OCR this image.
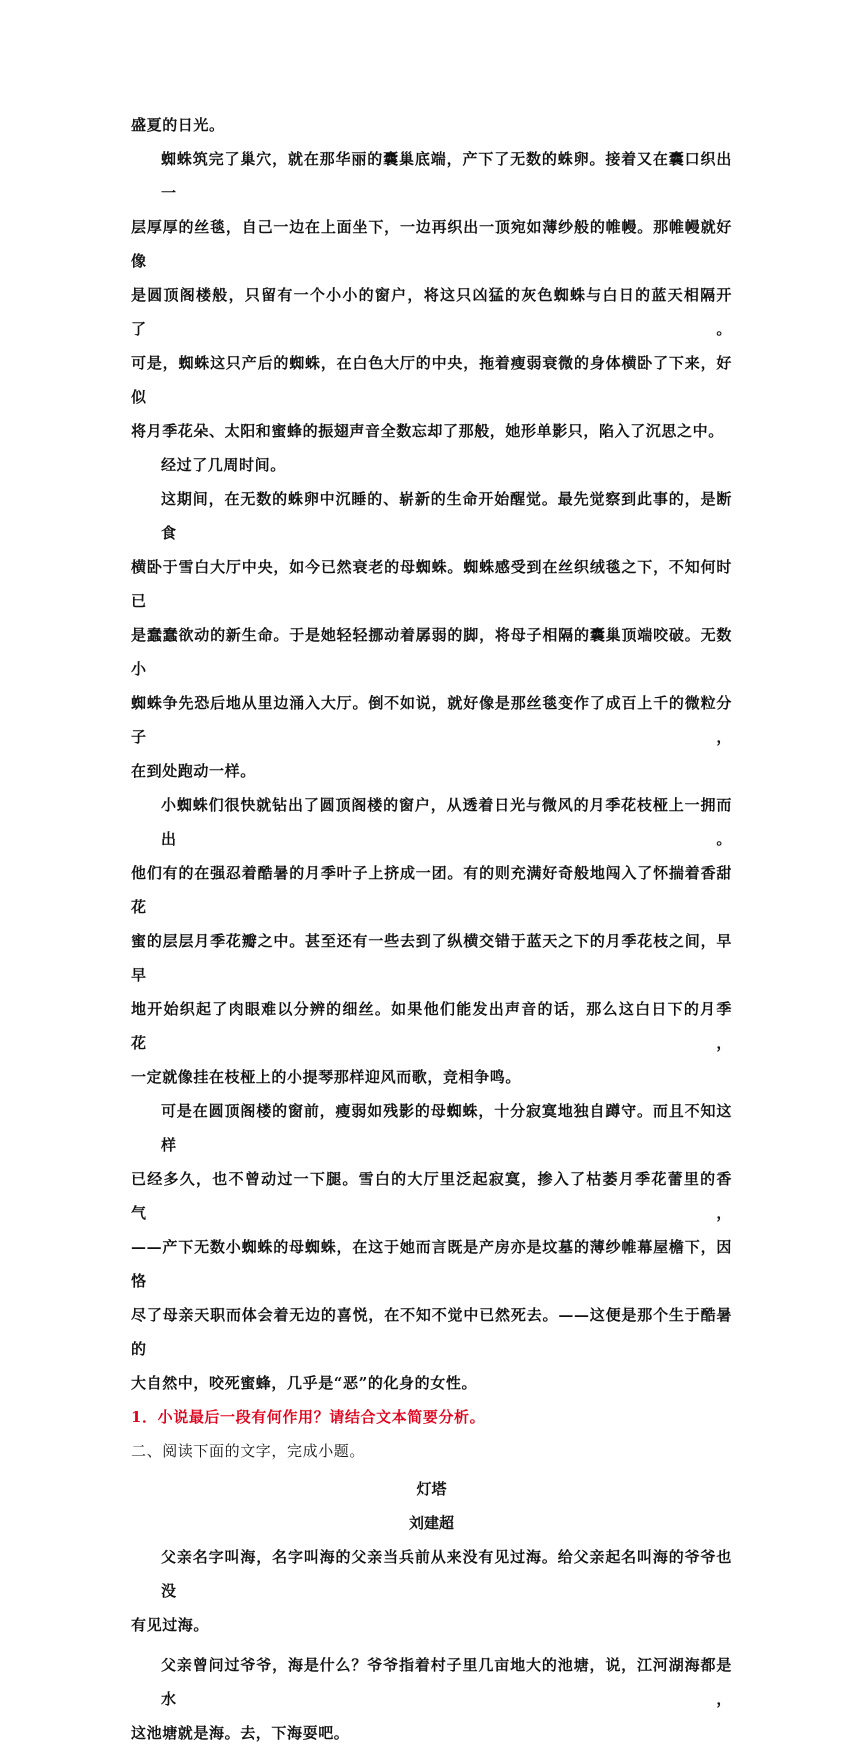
盛夏的日光。
蜘蛛筑完了巢穴，就在那华丽的囊巢底端，产下了无数的蛛卵。接着又在囊口织出一
层厚厚的丝毯，自己一边在上面坐下，一边再织出一顶宛如薄纱般的帷幔。那帷幔就好像
是圆顶阁楼般，只留有一个小小的窗户，将这只凶猛的灰色蜘蛛与白日的蓝天相隔开了。
可是，蜘蛛这只产后的蜘蛛，在白色大厅的中央，拖着瘦弱衰微的身体横卧了下来，好似
将月季花朵、太阳和蜜蜂的振翅声音全数忘却了那般，她形单影只，陷入了沉思之中。
经过了几周时间。
这期间，在无数的蛛卵中沉睡的、崭新的生命开始醒觉。最先觉察到此事的，是断食
横卧于雪白大厅中央，如今已然衰老的母蜘蛛。蜘蛛感受到在丝织绒毯之下，不知何时已
是蠢蠢欲动的新生命。于是她轻轻挪动着孱弱的脚，将母子相隔的囊巢顶端咬破。无数小
蜘蛛争先恐后地从里边涌入大厅。倒不如说，就好像是那丝毯变作了成百上千的微粒分子，
在到处跑动一样。
小蜘蛛们很快就钻出了圆顶阁楼的窗户，从透着日光与微风的月季花枝桠上一拥而出。
他们有的在强忍着酷暑的月季叶子上挤成一团。有的则充满好奇般地闯入了怀揣着香甜花
蜜的层层月季花瓣之中。甚至还有一些去到了纵横交错于蓝天之下的月季花枝之间，早早
地开始织起了肉眼难以分辨的细丝。如果他们能发出声音的话，那么这白日下的月季花，
一定就像挂在枝桠上的小提琴那样迎风而歌，竞相争鸣。
可是在圆顶阁楼的窗前，瘦弱如残影的母蜘蛛，十分寂寞地独自蹲守。而且不知这样
已经多久，也不曾动过一下腿。雪白的大厅里泛起寂寞，掺入了枯萎月季花蕾里的香气，
——产下无数小蜘蛛的母蜘蛛，在这于她而言既是产房亦是坟墓的薄纱帷幕屋檐下，因恪
尽了母亲天职而体会着无边的喜悦，在不知不觉中已然死去。——这便是那个生于酷暑的
大自然中，咬死蜜蜂，几乎是“恶”的化身的女性。

1．小说最后一段有何作用？请结合文本简要分析。

二、阅读下面的文字，完成小题。

灯塔

刘建超

父亲名字叫海，名字叫海的父亲当兵前从来没有见过海。给父亲起名叫海的爷爷也没
有见过海。
父亲曾问过爷爷，海是什么？爷爷指着村子里几亩地大的池塘，说，江河湖海都是水，
这池塘就是海。去，下海耍吧。
